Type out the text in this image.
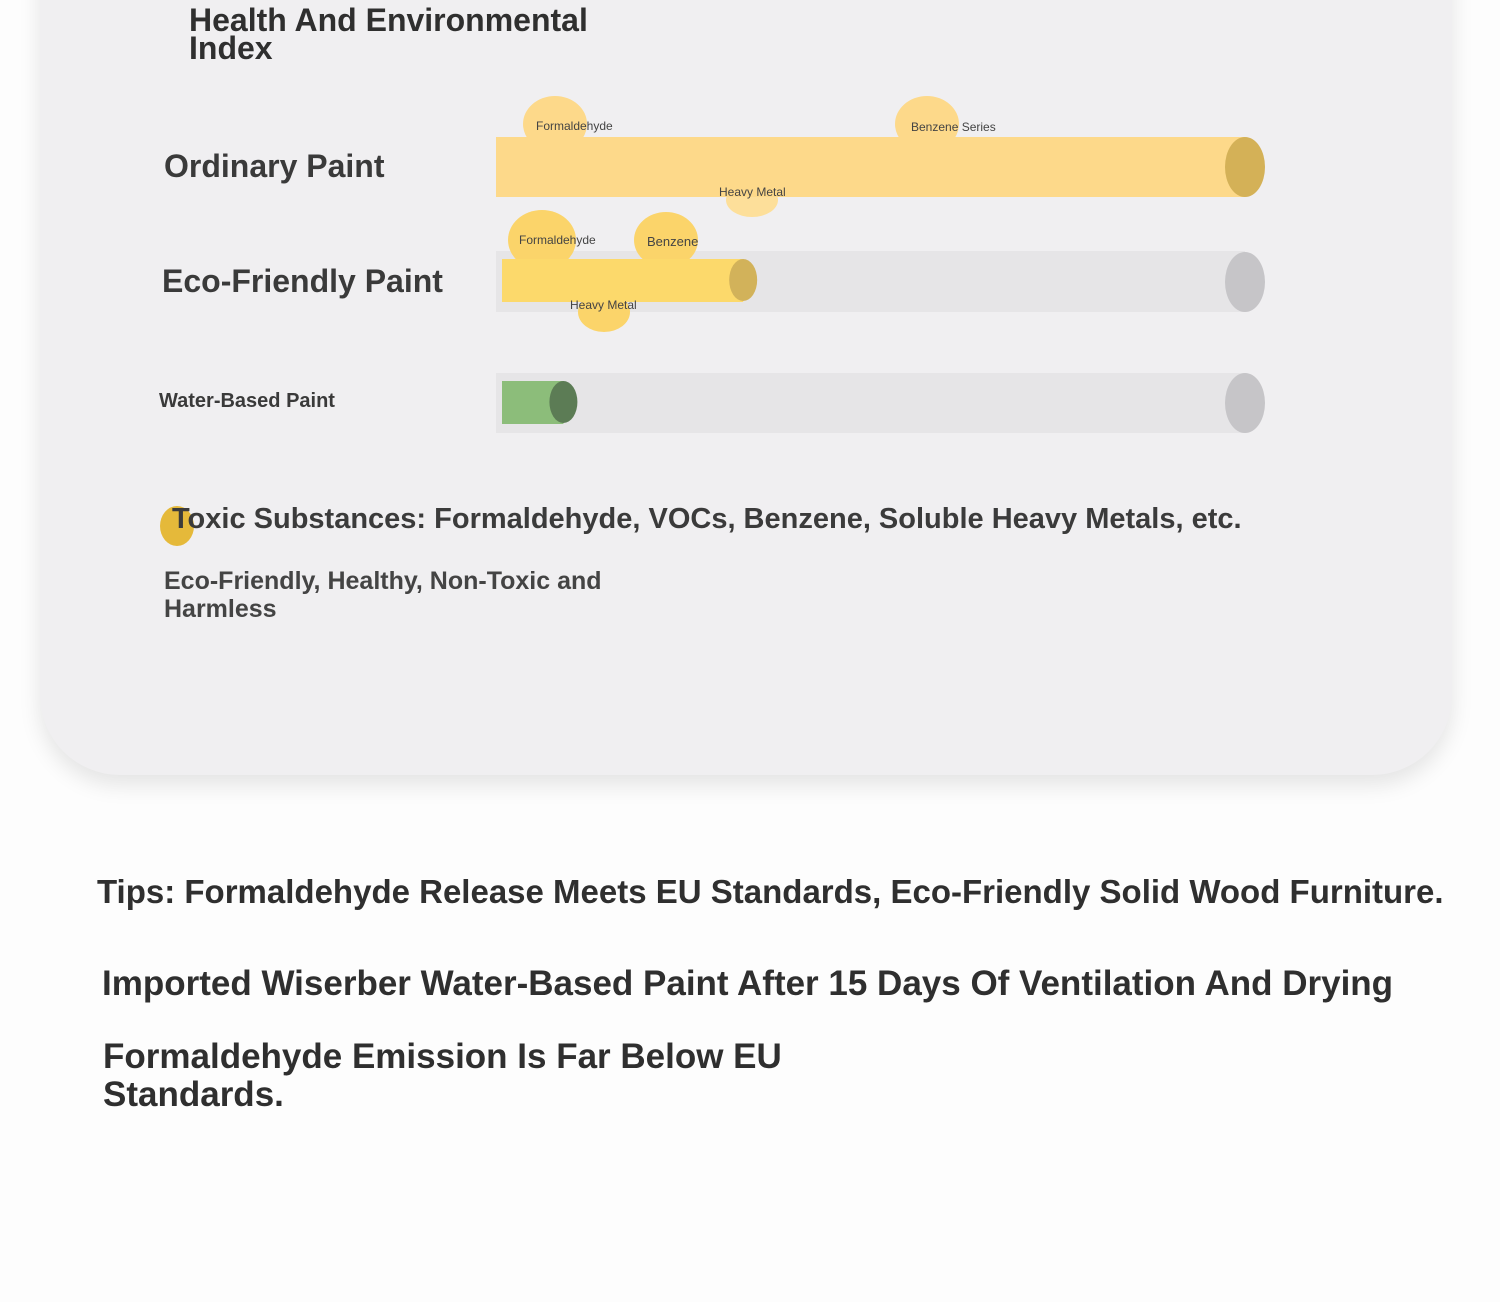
Health And Environmental Index
Ordinary Paint
Eco-Friendly Paint
Water-Based Paint
Formaldehyde	Benzene Series
Heavy Metal
Formaldehyde	Benzene
Heavy Metal
Toxic Substances: Formaldehyde, VOCs, Benzene, Soluble Heavy Metals, etc.
Eco-Friendly, Healthy, Non-Toxic and Harmless
Tips: Formaldehyde Release Meets EU Standards, Eco-Friendly Solid Wood Furniture.
Imported Wiserber Water-Based Paint After 15 Days Of Ventilation And Drying
Formaldehyde Emission Is Far Below EU Standards.
